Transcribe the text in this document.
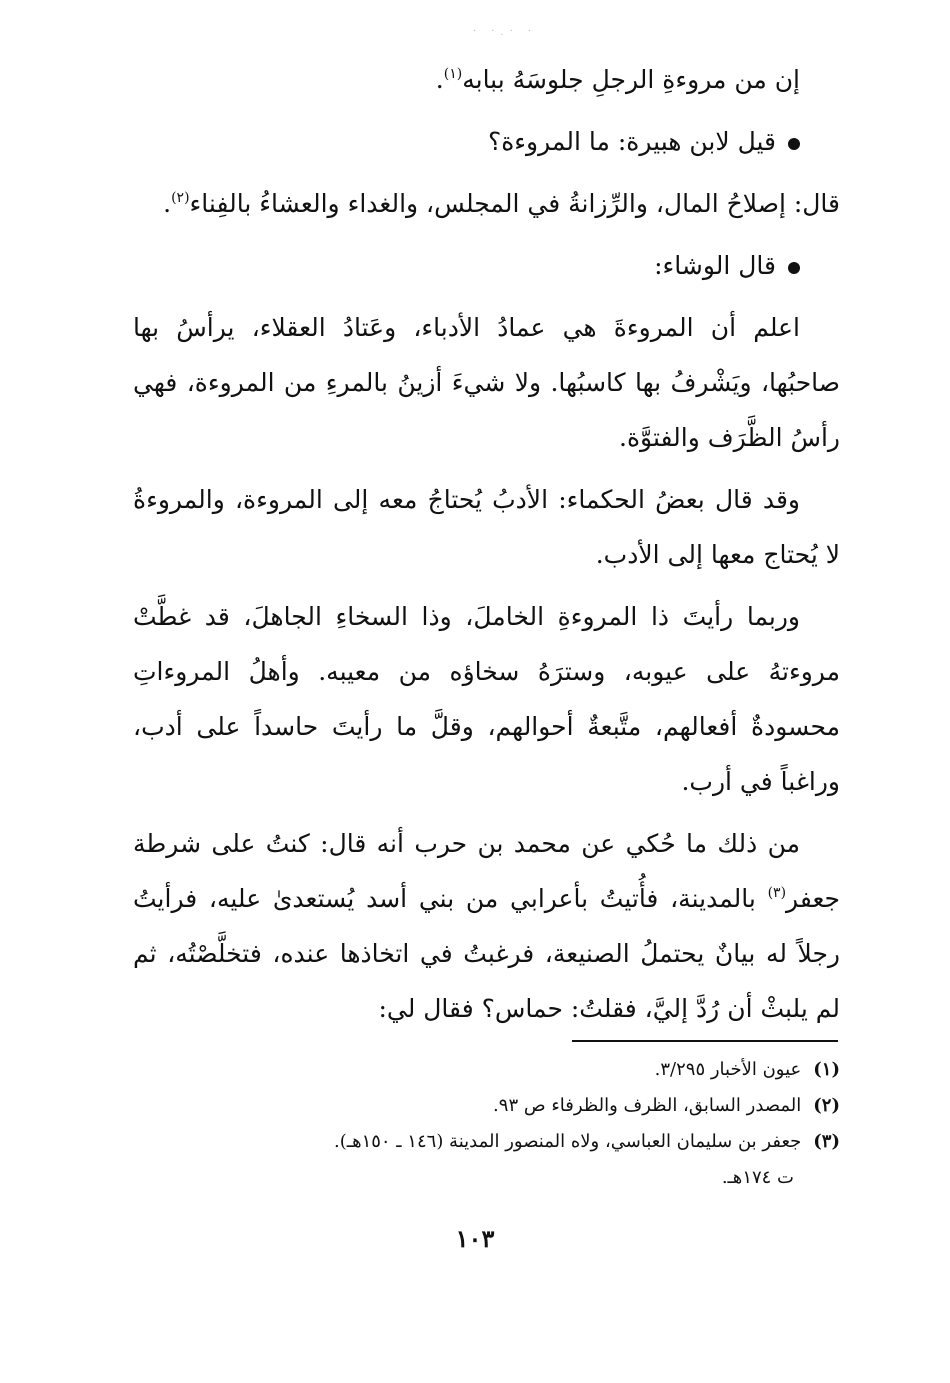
· · · · ·

إن من مروءةِ الرجلِ جلوسَهُ ببابه$^{(١)}$.

قيل لابن هبيرة: ما المروءة؟

قال: إصلاحُ المال، والرِّزانةُ في المجلس، والغداء والعشاءُ بالفِناء$^{(٢)}$.

قال الوشاء:

اعلم أن المروءةَ هي عمادُ الأدباء، وعَتادُ العقلاء، يرأسُ بها صاحبُها، ويَشْرفُ بها كاسبُها. ولا شيءَ أزينُ بالمرءِ من المروءة، فهي رأسُ الظَّرَف والفتوَّة.

وقد قال بعضُ الحكماء: الأدبُ يُحتاجُ معه إلى المروءة، والمروءةُ لا يُحتاج معها إلى الأدب.

وربما رأيتَ ذا المروءةِ الخاملَ، وذا السخاءِ الجاهلَ، قد غطَّتْ مروءتهُ على عيوبه، وسترَهُ سخاؤه من معيبه. وأهلُ المروءاتِ محسودةٌ أفعالهم، متَّبعةٌ أحوالهم، وقلَّ ما رأيتَ حاسداً على أدب، وراغباً في أرب.

من ذلك ما حُكي عن محمد بن حرب أنه قال: كنتُ على شرطة جعفر$^{(٣)}$ بالمدينة، فأُتيتُ بأعرابي من بني أسد يُستعدىٰ عليه، فرأيتُ رجلاً له بيانٌ يحتملُ الصنيعة، فرغبتُ في اتخاذها عنده، فتخلَّصْتُه، ثم لم يلبثْ أن رُدَّ إليَّ، فقلتُ: حماس؟ فقال لي:

(١)عيون الأخبار ٣/٢٩٥.

(٢)المصدر السابق، الظرف والظرفاء ص ٩٣.

(٣)جعفر بن سليمان العباسي، ولاه المنصور المدينة (١٤٦ ـ ١٥٠هـ).

ت ١٧٤هـ.

١٠٣
